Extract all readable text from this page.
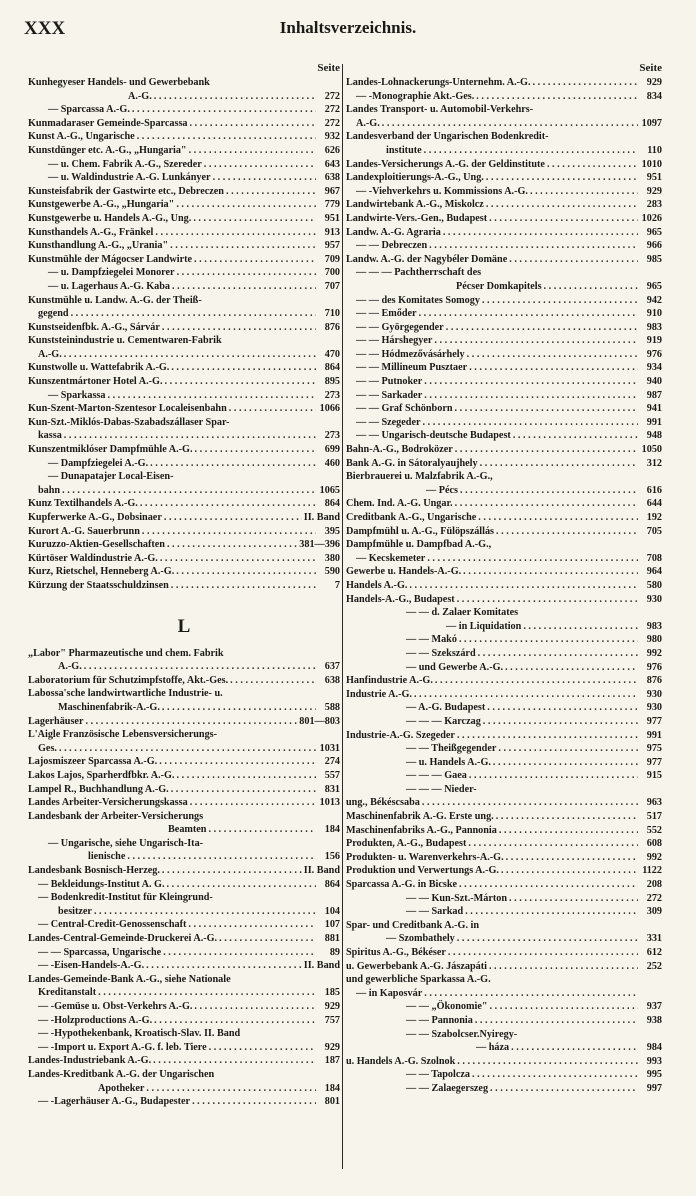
Inhaltsverzeichnis.
XXX
Seite
Kunhegyeser Handels- und Gewerbebank
A.-G. . . .	272
— Sparcassa A.-G. . . .	272
Kunmadaraser Gemeinde-Sparcassa . . .	272
Kunst A.-G., Ungarische . . .	932
Kunstdünger etc. A.-G., „Hungaria" . . .	626
— u. Chem. Fabrik A.-G., Szereder . . .	643
— u. Waldindustrie A.-G. Lunkányer . . .	638
Kunsteisfabrik der Gastwirte etc., Debreczen . . .	967
Kunstgewerbe A.-G., „Hungaria" . . .	779
Kunstgewerbe u. Handels A.-G., Ung. . . .	951
Kunsthandels A.-G., Fränkel . . .	913
Kunsthandlung A.-G., „Urania" . . .	957
Kunstmühle der Mágocser Landwirte . . .	709
— u. Dampfziegelei Monorer . . .	700
— u. Lagerhaus A.-G. Kaba . . .	707
Kunstmühle u. Landw. A.-G. der Theiß-
gegend . . .	710
Kunstseidenfbk. A.-G., Sárvár . . .	876
Kunststeinindustrie u. Cementwaren-Fabrik
A.-G. . . .	470
Kunstwolle u. Wattefabrik A.-G. . . .	864
Kunszentmártoner Hotel A.-G. . . .	895
— Sparkassa . . .	273
Kun-Szent-Marton-Szentesor Localeisenbahn . . .	1066
Kun-Szt.-Miklós-Dabas-Szabadszállaser Spar-
kassa . . .	273
Kunszentmiklóser Dampfmühle A.-G. . . .	699
— Dampfziegelei A.-G. . . .	460
— Dunapatajer Local-Eisen-
bahn . . .	1065
Kunz Textilhandels A.-G. . . .	864
Kupferwerke A.-G., Dobsinaer . . .	II. Band
Kurort A.-G. Sauerbrunn . . .	395
Kuruzzo-Aktien-Gesellschaften . . .	381—396
Kürtöser Waldindustrie A.-G. . . .	380
Kurz, Rietschel, Henneberg A.-G. . . .	590
Kürzung der Staatsschuldzinsen . . .	7
L
„Labor" Pharmazeutische und chem. Fabrik
A.-G. . . .	637
Laboratorium für Schutzimpfstoffe, Akt.-Ges. . . .	638
Labossa'sche landwirtwartliche Industrie- u.
Maschinenfabrik-A.-G. . . .	588
Lagerhäuser . . .	801—803
L'Aigle Französische Lebensversicherungs-
Ges. . . .	1031
Lajosmiszeer Sparcassa A.-G. . . .	274
Lakos Lajos, Sparherdfbkr. A.-G. . . .	557
Lampel R., Buchhandlung A.-G. . . .	831
Landes Arbeiter-Versicherungskassa . . .	1013
Landesbank der Arbeiter-Versicherungs
Beamten . . .	184
— Ungarische, siehe Ungarisch-Ita-
lienische . . .	156
Landesbank Bosnisch-Herzeg. . . .	II. Band
— Bekleidungs-Institut A. G. . . .	864
— Bodenkredit-Institut für Kleingrund-
besitzer . . .	104
— Central-Credit-Genossenschaft . . .	107
Landes-Central-Gemeinde-Druckerei A.-G. . . .	881
— — Sparcassa, Ungarische . . .	89
— -Eisen-Handels-A.-G. . . .	II. Band
Landes-Gemeinde-Bank A.-G., siehe Nationale
Kreditanstalt . . .	185
— -Gemüse u. Obst-Verkehrs A.-G. . . .	929
— -Holzproductions A.-G. . . .	757
— -Hypothekenbank, Kroatisch-Slav. II. Band
— -Import u. Export A.-G. f. leb. Tiere . . .	929
Landes-Industriebank A.-G. . . .	187
Landes-Kreditbank A.-G. der Ungarischen
Apotheker . . .	184
— -Lagerhäuser A.-G., Budapester . . .	801
Seite
Landes-Lohnackerungs-Unternehm. A.-G. . . .	929
— -Monographie Akt.-Ges. . . .	834
Landes Transport- u. Automobil-Verkehrs-
A.-G. . . .	1097
Landesverband der Ungarischen Bodenkredit-
institute . . .	110
Landes-Versicherungs A.-G. der Geldinstitute . . .	1010
Landexploitierungs-A.-G., Ung. . . .	951
— -Viehverkehrs u. Kommissions A.-G. . . .	929
Landwirtebank A.-G., Miskolcz . . .	283
Landwirte-Vers.-Gen., Budapest . . .	1026
Landw. A.-G. Agraria . . .	965
— — Debreczen . . .	966
Landw. A.-G. der Nagybéler Domäne . . .	985
— — — Pachtherrschaft des
Pécser Domkapitels . . .	965
— — des Komitates Somogy . . .	942
— — Emőder . . .	910
— — Györgegender . . .	983
— — Hárshegyer . . .	919
— — Hódmezővásárhely . . .	976
— — Millineum Pusztaer . . .	934
— — Putnoker . . .	940
— — Sarkader . . .	987
— — Graf Schönborn . . .	941
— — Szegeder . . .	991
— — Ungarisch-deutsche Budapest . . .	948
Bahn-A.-G., Bodroközer . . .	1050
Bank A.-G. in Sátoralyaujhely . . .	312
Bierbrauerei u. Malzfabrik A.-G.,
— Pécs . . .	616
Chem. Ind. A.-G. Ungar. . . .	644
Creditbank A.-G., Ungarische . . .	192
Dampfmühl u. A.-G., Fülöpszállás . . .	705
Dampfmühle u. Dampfbad A.-G.,
— Kecskemeter . . .	708
Gewerbe u. Handels-A.-G. . . .	964
Handels A.-G. . . .	580
Handels-A.-G., Budapest . . .	930
— — d. Zalaer Komitates
— in Liquidation . . .	983
— — Makó . . .	980
— — Szekszárd . . .	992
— und Gewerbe A.-G. . . .	976
Hanfindustrie A.-G. . . .	876
Industrie A.-G. . . .	930
— A.-G. Budapest . . .	930
— — — Karczag . . .	977
Industrie-A.-G. Szegeder . . .	991
— — Theißgegender . . .	975
— u. Handels A.-G. . . .	977
— — — Gaea . . .	915
— — — Nieder-
ung., Békéscsaba . . .	963
Maschinenfabrik A.-G. Erste ung. . . .	517
Maschinenfabriks A.-G., Pannonia . . .	552
Produkten, A.-G., Budapest . . .	608
Produkten- u. Warenverkehrs-A.-G. . . .	992
Produktion und Verwertungs A.-G. . . .	1122
Sparcassa A.-G. in Bicske . . .	208
— — Kun-Szt.-Márton . . .	272
— — Sarkad . . .	309
Spar- und Creditbank A.-G. in
— Szombathely . . .	331
Spiritus A.-G., Békéser . . .	612
u. Gewerbebank A.-G. Jászapáti . . .	252
und gewerbliche Sparkassa A.-G.
— in Kaposvár
. . .
— — „Ökonomie" . . .	937
— — Pannonia . . .	938
— — Szabolcser.Nyiregy-
— háza . . .	984
u. Handels A.-G. Szolnok . . .	993
— — Tapolcza . . .	995
— — Zalaegerszeg . . .	997
